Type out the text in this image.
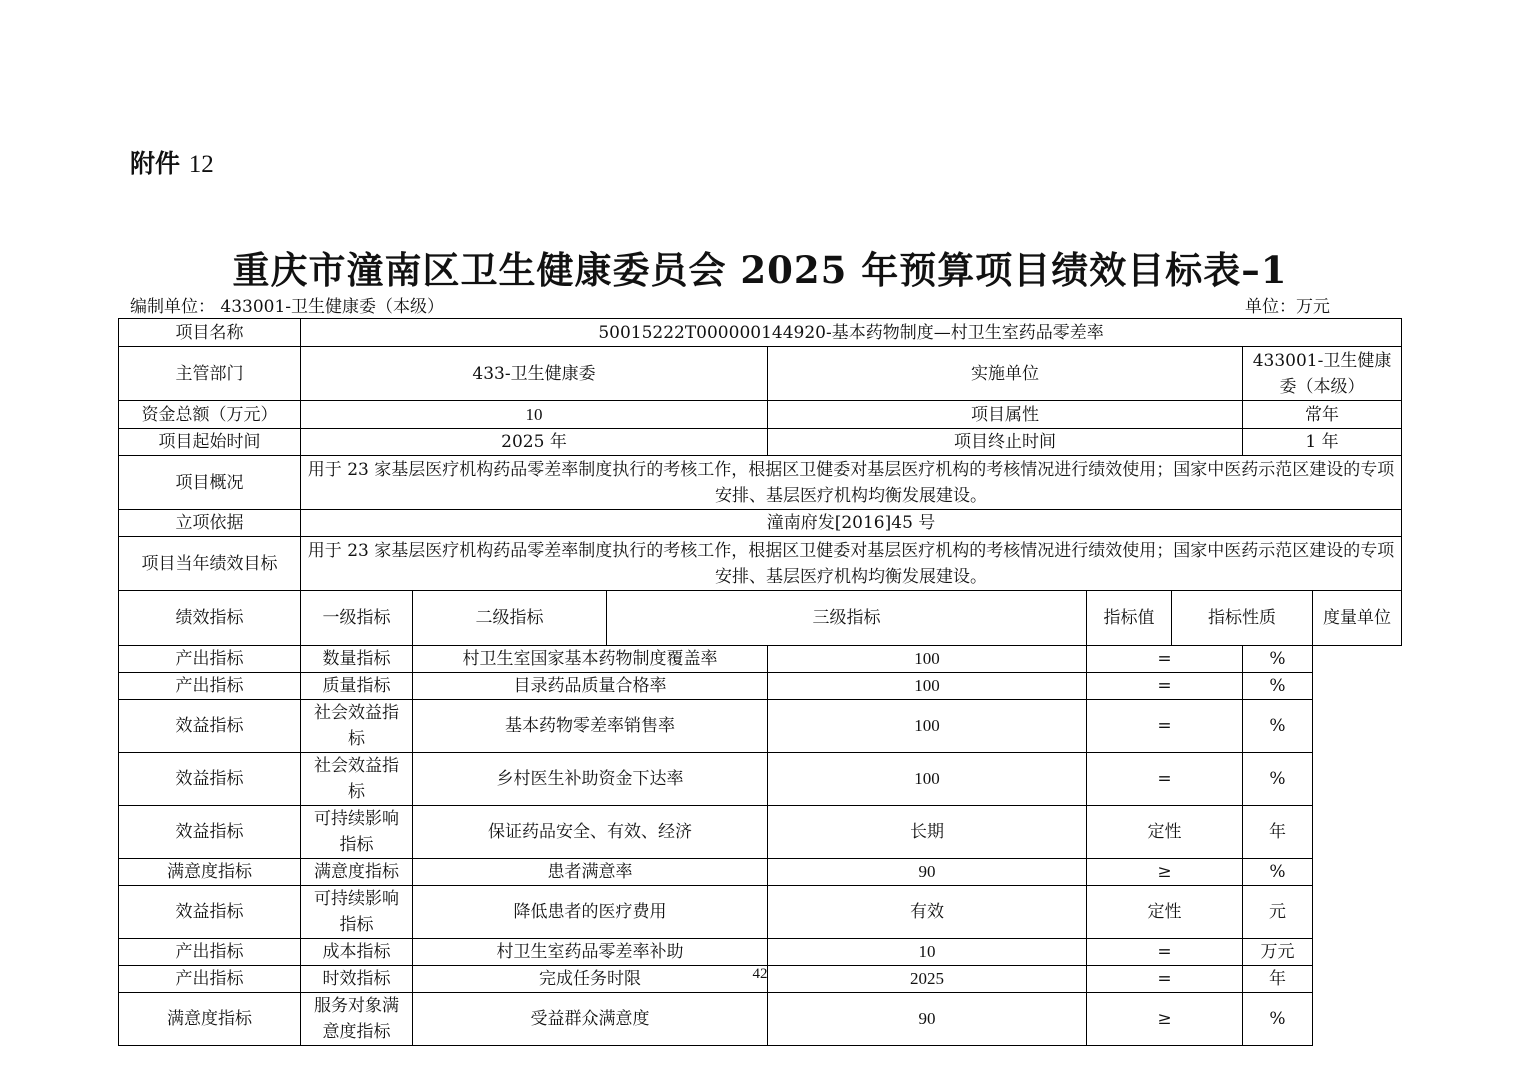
附件 12
重庆市潼南区卫生健康委员会 2025 年预算项目绩效目标表–1
编制单位： 433001-卫生健康委（本级）	单位：万元
项目名称	50015222T000000144920-基本药物制度—村卫生室药品零差率							
主管部门	433-卫生健康委			实施单位			433001-卫生健康委（本级）	
资金总额（万元）	10			项目属性			常年	
项目起始时间	2025 年			项目终止时间			1 年	
项目概况	用于 23 家基层医疗机构药品零差率制度执行的考核工作，根据区卫健委对基层医疗机构的考核情况进行绩效使用；国家中医药示范区建设的专项安排、基层医疗机构均衡发展建设。							
立项依据	潼南府发[2016]45 号							
项目当年绩效目标	用于 23 家基层医疗机构药品零差率制度执行的考核工作，根据区卫健委对基层医疗机构的考核情况进行绩效使用；国家中医药示范区建设的专项安排、基层医疗机构均衡发展建设。							
绩效指标	一级指标	二级指标	三级指标		指标值	指标性质		度量单位
产出指标	数量指标	村卫生室国家基本药物制度覆盖率		100	=		%	
产出指标	质量指标	目录药品质量合格率		100	=		%	
效益指标	社会效益指标	基本药物零差率销售率		100	=		%	
效益指标	社会效益指标	乡村医生补助资金下达率		100	=		%	
效益指标	可持续影响指标	保证药品安全、有效、经济		长期	定性		年	
满意度指标	满意度指标	患者满意率		90	≥		%	
效益指标	可持续影响指标	降低患者的医疗费用		有效	定性		元	
产出指标	成本指标	村卫生室药品零差率补助		10	=		万元	
产出指标	时效指标	完成任务时限		2025	=		年	
满意度指标	服务对象满意度指标	受益群众满意度		90	≥		%	
42
